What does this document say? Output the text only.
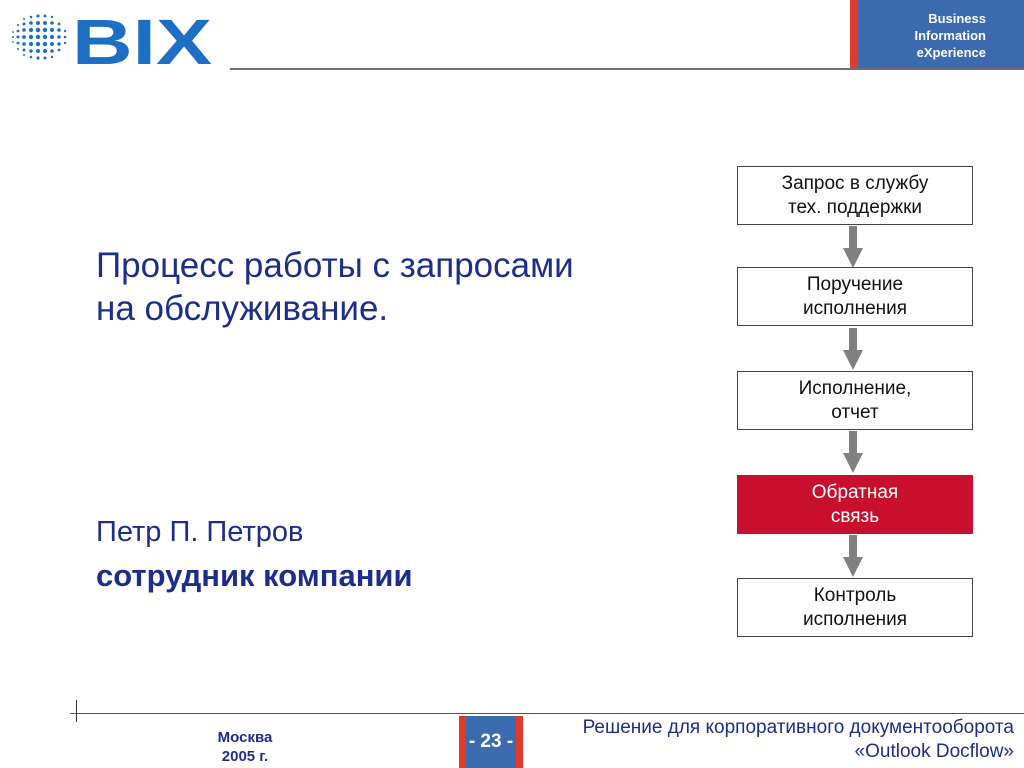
BIX	Business
Information
eXperience
Процесс работы с запросами
на обслуживание.
Петр П. Петров
сотрудник компании
Запрос в службу
тех. поддержки
Поручение
исполнения
Исполнение,
отчет
Обратная
связь
Контроль
исполнения
Москва
2005 г.
- 23 -
Решение для корпоративного документооборота
«Outlook Docflow»
